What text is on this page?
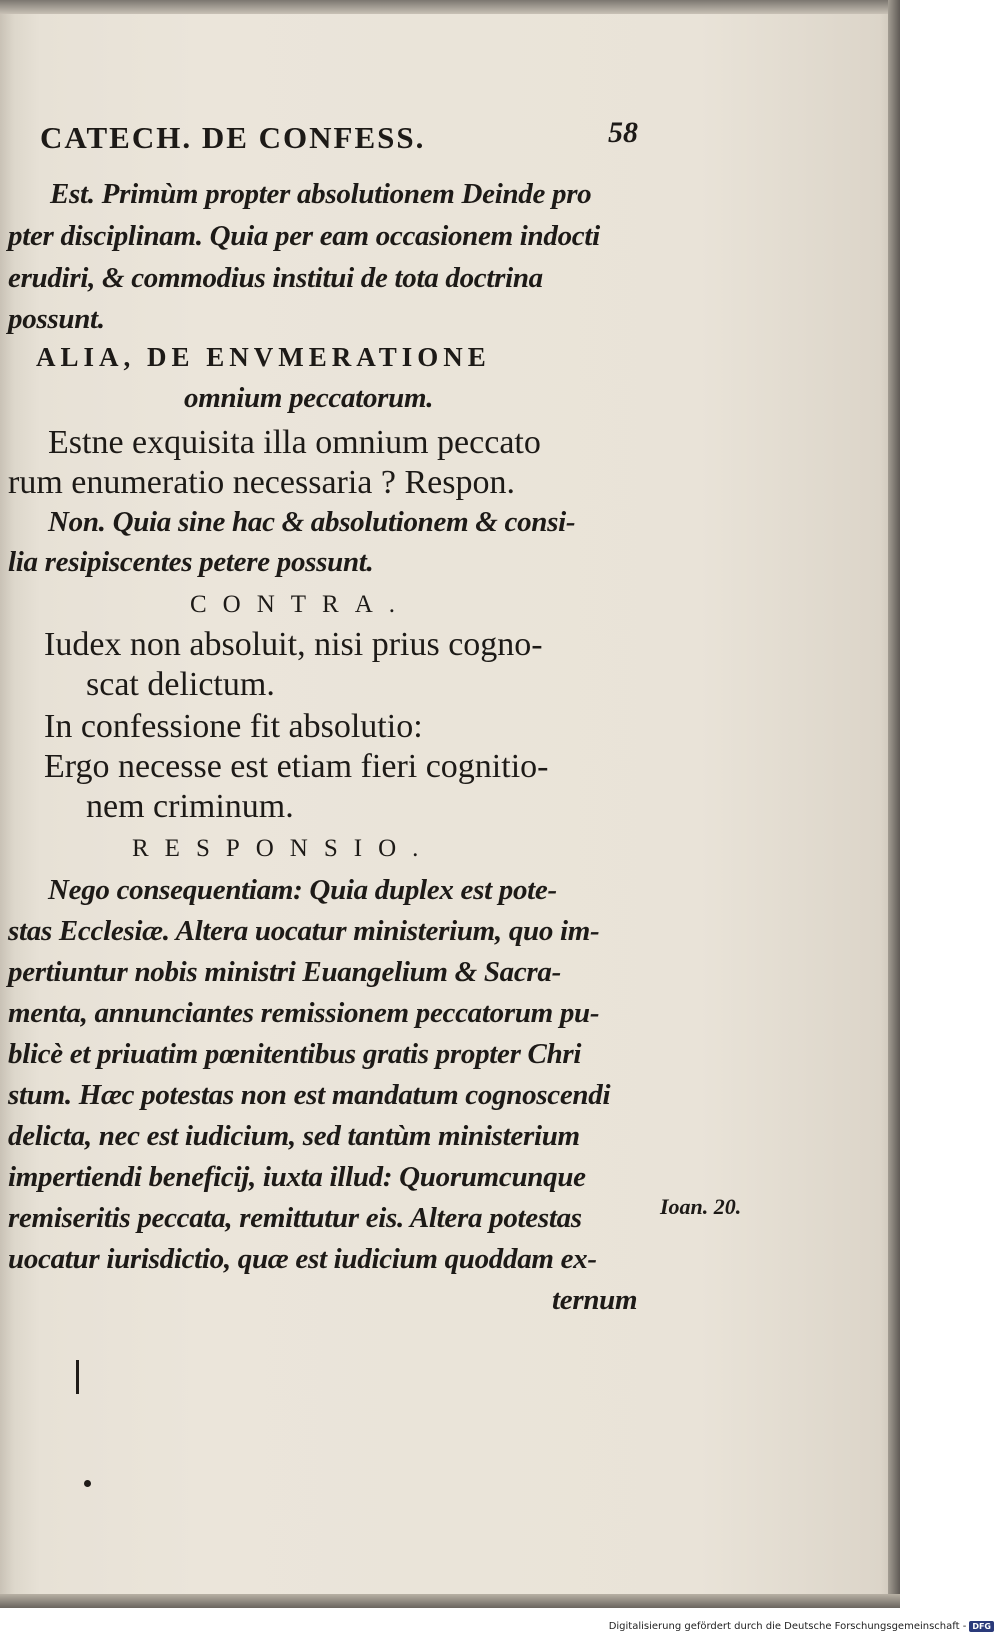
CATECH. DE CONFESS.	58
Est. Primùm propter absolutionem Deinde pro
pter disciplinam. Quia per eam occasionem indocti
erudiri, & commodius institui de tota doctrina
possunt.
ALIA, DE ENVMERATIONE
omnium peccatorum.
Estne exquisita illa omnium peccato
rum enumeratio necessaria ? Respon.
Non. Quia sine hac & absolutionem & consi-
lia resipiscentes petere possunt.
CONTRA.
Iudex non absoluit, nisi prius cogno-
scat delictum.
In confessione fit absolutio:
Ergo necesse est etiam fieri cognitio-
nem criminum.
RESPONSIO.
Nego consequentiam: Quia duplex est pote-
stas Ecclesiæ. Altera uocatur ministerium, quo im-
pertiuntur nobis ministri Euangelium & Sacra-
menta, annunciantes remissionem peccatorum pu-
blicè et priuatim pœnitentibus gratis propter Chri
stum. Hæc potestas non est mandatum cognoscendi
delicta, nec est iudicium, sed tantùm ministerium
impertiendi beneficij, iuxta illud: Quorumcunque
remiseritis peccata, remittutur eis. Altera potestas
uocatur iurisdictio, quæ est iudicium quoddam ex-
ternum
Ioan. 20.
Digitalisierung gefördert durch die Deutsche Forschungsgemeinschaft - DFG
